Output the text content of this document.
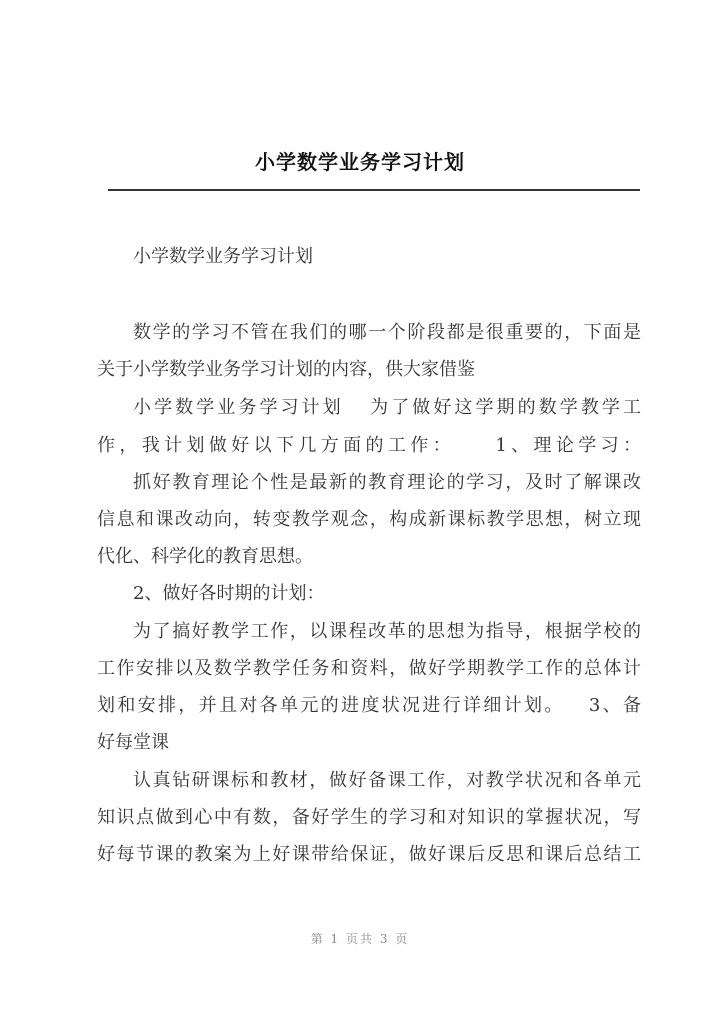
小学数学业务学习计划
小学数学业务学习计划
数学的学习不管在我们的哪一个阶段都是很重要的，下面是
关于小学数学业务学习计划的内容，供大家借鉴
小学数学业务学习计划   为了做好这学期的数学教学工
作，我计划做好以下几方面的工作：    1、理论学习：
抓好教育理论个性是最新的教育理论的学习，及时了解课改
信息和课改动向，转变教学观念，构成新课标教学思想，树立现
代化、科学化的教育思想。
2、做好各时期的计划：
为了搞好教学工作，以课程改革的思想为指导，根据学校的
工作安排以及数学教学任务和资料，做好学期教学工作的总体计
划和安排，并且对各单元的进度状况进行详细计划。   3、备
好每堂课
认真钻研课标和教材，做好备课工作，对教学状况和各单元
知识点做到心中有数，备好学生的学习和对知识的掌握状况，写
好每节课的教案为上好课带给保证，做好课后反思和课后总结工
第 1 页共 3 页
